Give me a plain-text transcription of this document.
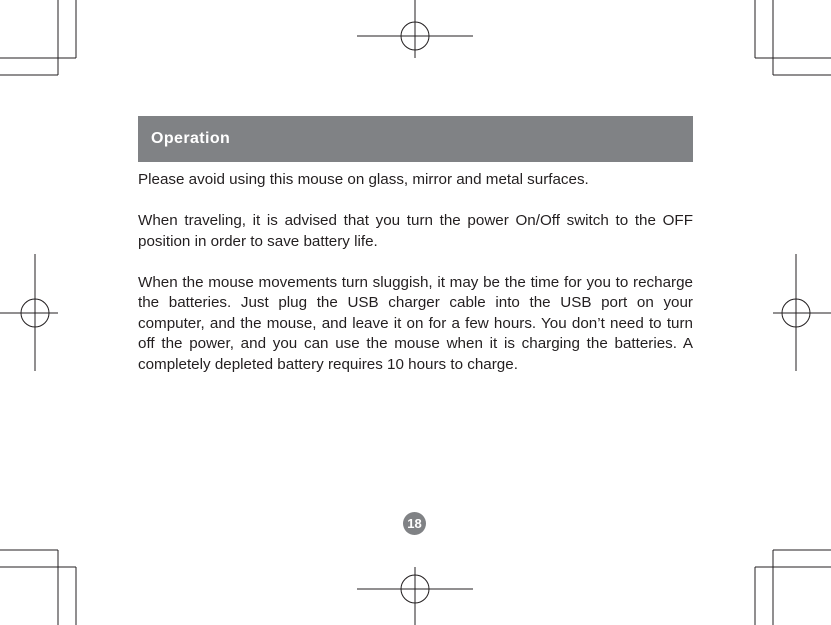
Operation

Please avoid using this mouse on glass, mirror and metal surfaces.

When traveling, it is advised that you turn the power On/Off switch to the OFF position in order to save battery life.

When the mouse movements turn sluggish, it may be the time for you to recharge the batteries. Just plug the USB charger cable into the USB port on your computer, and the mouse, and leave it on for a few hours. You don’t need to turn off the power, and you can use the mouse when it is charging the batteries. A completely depleted battery requires 10 hours to charge.

18
